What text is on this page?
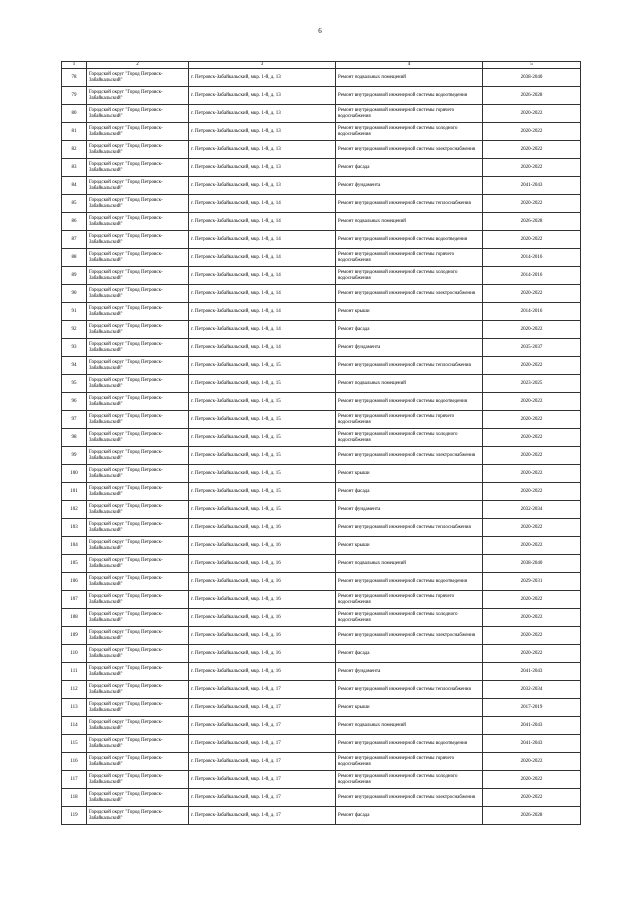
6
1	2	3	4	5
78	Городской округ "Город Петровск-Забайкальский"	г. Петровск-Забайкальский, мкр. 1-й, д. 13	Ремонт подвальных помещений	2038-2040
79	Городской округ "Город Петровск-Забайкальский"	г. Петровск-Забайкальский, мкр. 1-й, д. 13	Ремонт внутридомовой инженерной системы водоотведения	2026-2028
80	Городской округ "Город Петровск-Забайкальский"	г. Петровск-Забайкальский, мкр. 1-й, д. 13	Ремонт внутридомовой инженерной системы горячего водоснабжения	2020-2022
81	Городской округ "Город Петровск-Забайкальский"	г. Петровск-Забайкальский, мкр. 1-й, д. 13	Ремонт внутридомовой инженерной системы холодного водоснабжения	2020-2022
82	Городской округ "Город Петровск-Забайкальский"	г. Петровск-Забайкальский, мкр. 1-й, д. 13	Ремонт внутридомовой инженерной системы электроснабжения	2020-2022
83	Городской округ "Город Петровск-Забайкальский"	г. Петровск-Забайкальский, мкр. 1-й, д. 13	Ремонт фасада	2020-2022
84	Городской округ "Город Петровск-Забайкальский"	г. Петровск-Забайкальский, мкр. 1-й, д. 13	Ремонт фундамента	2041-2043
85	Городской округ "Город Петровск-Забайкальский"	г. Петровск-Забайкальский, мкр. 1-й, д. 14	Ремонт внутридомовой инженерной системы теплоснабжения	2020-2022
86	Городской округ "Город Петровск-Забайкальский"	г. Петровск-Забайкальский, мкр. 1-й, д. 14	Ремонт подвальных помещений	2026-2028
87	Городской округ "Город Петровск-Забайкальский"	г. Петровск-Забайкальский, мкр. 1-й, д. 14	Ремонт внутридомовой инженерной системы водоотведения	2020-2022
88	Городской округ "Город Петровск-Забайкальский"	г. Петровск-Забайкальский, мкр. 1-й, д. 14	Ремонт внутридомовой инженерной системы горячего водоснабжения	2014-2016
89	Городской округ "Город Петровск-Забайкальский"	г. Петровск-Забайкальский, мкр. 1-й, д. 14	Ремонт внутридомовой инженерной системы холодного водоснабжения	2014-2016
90	Городской округ "Город Петровск-Забайкальский"	г. Петровск-Забайкальский, мкр. 1-й, д. 14	Ремонт внутридомовой инженерной системы электроснабжения	2020-2022
91	Городской округ "Город Петровск-Забайкальский"	г. Петровск-Забайкальский, мкр. 1-й, д. 14	Ремонт крыши	2014-2016
92	Городской округ "Город Петровск-Забайкальский"	г. Петровск-Забайкальский, мкр. 1-й, д. 14	Ремонт фасада	2020-2022
93	Городской округ "Город Петровск-Забайкальский"	г. Петровск-Забайкальский, мкр. 1-й, д. 14	Ремонт фундамента	2035-2037
94	Городской округ "Город Петровск-Забайкальский"	г. Петровск-Забайкальский, мкр. 1-й, д. 15	Ремонт внутридомовой инженерной системы теплоснабжения	2020-2022
95	Городской округ "Город Петровск-Забайкальский"	г. Петровск-Забайкальский, мкр. 1-й, д. 15	Ремонт подвальных помещений	2023-2025
96	Городской округ "Город Петровск-Забайкальский"	г. Петровск-Забайкальский, мкр. 1-й, д. 15	Ремонт внутридомовой инженерной системы водоотведения	2020-2022
97	Городской округ "Город Петровск-Забайкальский"	г. Петровск-Забайкальский, мкр. 1-й, д. 15	Ремонт внутридомовой инженерной системы горячего водоснабжения	2020-2022
98	Городской округ "Город Петровск-Забайкальский"	г. Петровск-Забайкальский, мкр. 1-й, д. 15	Ремонт внутридомовой инженерной системы холодного водоснабжения	2020-2022
99	Городской округ "Город Петровск-Забайкальский"	г. Петровск-Забайкальский, мкр. 1-й, д. 15	Ремонт внутридомовой инженерной системы электроснабжения	2020-2022
100	Городской округ "Город Петровск-Забайкальский"	г. Петровск-Забайкальский, мкр. 1-й, д. 15	Ремонт крыши	2020-2022
101	Городской округ "Город Петровск-Забайкальский"	г. Петровск-Забайкальский, мкр. 1-й, д. 15	Ремонт фасада	2020-2022
102	Городской округ "Город Петровск-Забайкальский"	г. Петровск-Забайкальский, мкр. 1-й, д. 15	Ремонт фундамента	2032-2034
103	Городской округ "Город Петровск-Забайкальский"	г. Петровск-Забайкальский, мкр. 1-й, д. 16	Ремонт внутридомовой инженерной системы теплоснабжения	2020-2022
104	Городской округ "Город Петровск-Забайкальский"	г. Петровск-Забайкальский, мкр. 1-й, д. 16	Ремонт крыши	2020-2022
105	Городской округ "Город Петровск-Забайкальский"	г. Петровск-Забайкальский, мкр. 1-й, д. 16	Ремонт подвальных помещений	2038-2040
106	Городской округ "Город Петровск-Забайкальский"	г. Петровск-Забайкальский, мкр. 1-й, д. 16	Ремонт внутридомовой инженерной системы водоотведения	2029-2031
107	Городской округ "Город Петровск-Забайкальский"	г. Петровск-Забайкальский, мкр. 1-й, д. 16	Ремонт внутридомовой инженерной системы горячего водоснабжения	2020-2022
108	Городской округ "Город Петровск-Забайкальский"	г. Петровск-Забайкальский, мкр. 1-й, д. 16	Ремонт внутридомовой инженерной системы холодного водоснабжения	2020-2022
109	Городской округ "Город Петровск-Забайкальский"	г. Петровск-Забайкальский, мкр. 1-й, д. 16	Ремонт внутридомовой инженерной системы электроснабжения	2020-2022
110	Городской округ "Город Петровск-Забайкальский"	г. Петровск-Забайкальский, мкр. 1-й, д. 16	Ремонт фасада	2020-2022
111	Городской округ "Город Петровск-Забайкальский"	г. Петровск-Забайкальский, мкр. 1-й, д. 16	Ремонт фундамента	2041-2043
112	Городской округ "Город Петровск-Забайкальский"	г. Петровск-Забайкальский, мкр. 1-й, д. 17	Ремонт внутридомовой инженерной системы теплоснабжения	2032-2034
113	Городской округ "Город Петровск-Забайкальский"	г. Петровск-Забайкальский, мкр. 1-й, д. 17	Ремонт крыши	2017-2019
114	Городской округ "Город Петровск-Забайкальский"	г. Петровск-Забайкальский, мкр. 1-й, д. 17	Ремонт подвальных помещений	2041-2043
115	Городской округ "Город Петровск-Забайкальский"	г. Петровск-Забайкальский, мкр. 1-й, д. 17	Ремонт внутридомовой инженерной системы водоотведения	2041-2043
116	Городской округ "Город Петровск-Забайкальский"	г. Петровск-Забайкальский, мкр. 1-й, д. 17	Ремонт внутридомовой инженерной системы горячего водоснабжения	2020-2022
117	Городской округ "Город Петровск-Забайкальский"	г. Петровск-Забайкальский, мкр. 1-й, д. 17	Ремонт внутридомовой инженерной системы холодного водоснабжения	2020-2022
118	Городской округ "Город Петровск-Забайкальский"	г. Петровск-Забайкальский, мкр. 1-й, д. 17	Ремонт внутридомовой инженерной системы электроснабжения	2020-2022
119	Городской округ "Город Петровск-Забайкальский"	г. Петровск-Забайкальский, мкр. 1-й, д. 17	Ремонт фасада	2026-2028
